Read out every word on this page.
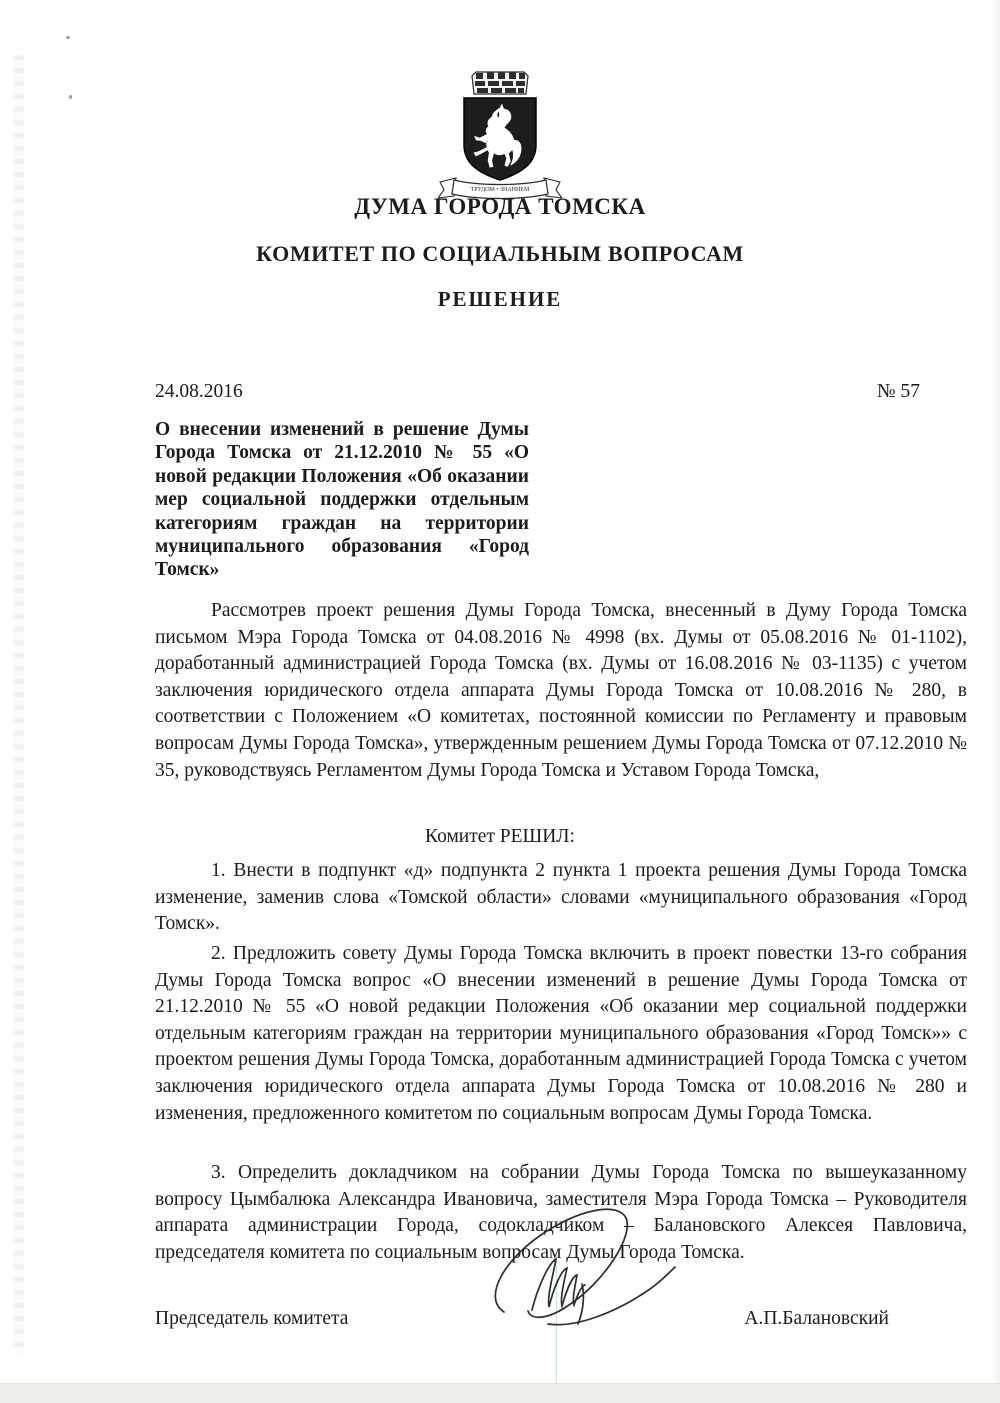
ТРУДОМ • ЗНАНИЕМ
ДУМА ГОРОДА ТОМСКА
КОМИТЕТ ПО СОЦИАЛЬНЫМ ВОПРОСАМ
РЕШЕНИЕ
24.08.2016	№ 57
О внесении изменений в решение Думы Города Томска от 21.12.2010 № 55 «О новой редакции Положения «Об оказании мер социальной поддержки отдельным категориям граждан на территории муниципального образования «Город Томск»
Рассмотрев проект решения Думы Города Томска, внесенный в Думу Города Томска письмом Мэра Города Томска от 04.08.2016 № 4998 (вх. Думы от 05.08.2016 № 01-1102), доработанный администрацией Города Томска (вх. Думы от 16.08.2016 № 03-1135) с учетом заключения юридического отдела аппарата Думы Города Томска от 10.08.2016 № 280, в соответствии с Положением «О комитетах, постоянной комиссии по Регламенту и правовым вопросам Думы Города Томска», утвержденным решением Думы Города Томска от 07.12.2010 № 35, руководствуясь Регламентом Думы Города Томска и Уставом Города Томска,
Комитет РЕШИЛ:
1. Внести в подпункт «д» подпункта 2 пункта 1 проекта решения Думы Города Томска изменение, заменив слова «Томской области» словами «муниципального образования «Город Томск».
2. Предложить совету Думы Города Томска включить в проект повестки 13-го собрания Думы Города Томска вопрос «О внесении изменений в решение Думы Города Томска от 21.12.2010 № 55 «О новой редакции Положения «Об оказании мер социальной поддержки отдельным категориям граждан на территории муниципального образования «Город Томск»» с проектом решения Думы Города Томска, доработанным администрацией Города Томска с учетом заключения юридического отдела аппарата Думы Города Томска от 10.08.2016 № 280 и изменения, предложенного комитетом по социальным вопросам Думы Города Томска.
3. Определить докладчиком на собрании Думы Города Томска по вышеуказанному вопросу Цымбалюка Александра Ивановича, заместителя Мэра Города Томска – Руководителя аппарата администрации Города, содокладчиком – Балановского Алексея Павловича, председателя комитета по социальным вопросам Думы Города Томска.
Председатель комитета	А.П.Балановский
